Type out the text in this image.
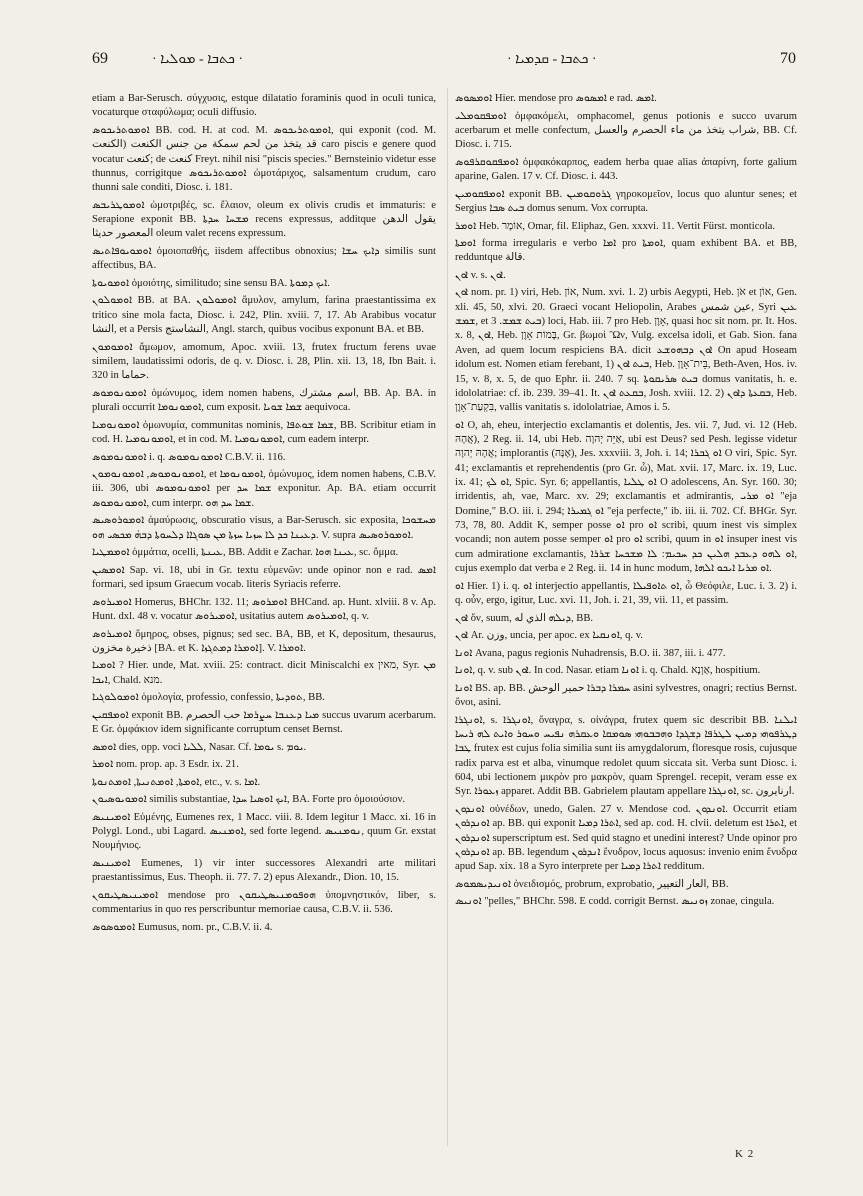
69	· ܟܬܒܐ - ܡܘܠܝܐ ·	· ܟܬܒܐ - ܩܕܡܝܐ ·	70

etiam a Bar-Serusch. σύγχυσις, estque dilatatio foraminis quod in oculi tunica, vocaturque σταφύλωμα; oculi diffusio.

ܐܘܡܘܬܪܝܟܘܣ BB. cod. H. at cod. M. ܐܘܡܘܬܪܝܟܘܣ, qui exponit (cod. M. الكنعت) قد يتخذ من لحم سمكة من جنس الكنعت caro piscis e genere quod vocatur كنعت; de كنعت Freyt. nihil nisi "piscis species." Bernsteinio videtur esse thunnus, corrigitque ܐܘܡܘܬܪܝܟܘܣ ὠμοτάριχος, salsamentum crudum, caro thunni sale conditi, Diosc. i. 181.

ܐܘܡܘܛܪܝܒܣ ὠμοτριβές, sc. ἔλαιον, oleum ex olivis crudis et immaturis: e Serapione exponit BB. ܡܫܚܐ ܚܕܬܐ recens expressus, additque يقول الدهن المعصور حديثا oleum valet recens expressum.

ܐܘܡܘܝܘܦܐܬܝܣ ὁμοιοπαθής, iisdem affectibus obnoxius; ܕܐܝܟ ܚܫܐ similis sunt affectibus, BA.

ܐܘܡܘܝܘܬܐ ὁμοιότης, similitudo; sine sensu BA. ܐܝܟ ܕܡܘܬܐ.

ܐܘܡܘܠܘܢ BB. at BA. ܐܘܡܘܠܘܢ ἄμυλον, amylum, farina praestantissima ex tritico sine mola facta, Diosc. i. 242, Plin. xviii. 7, 17. Ab Arabibus vocatur النشا, et a Persis النشاستج, Angl. starch, quibus vocibus exponunt BA. et BB.

ܐܘܡܘܡܘܢ ἄμωμον, amomum, Apoc. xviii. 13, frutex fructum ferens uvae similem, laudatissimi odoris, de q. v. Diosc. i. 28, Plin. xii. 13, 18, Ibn Bait. i. 320 in حماما.

ܐܘܡܘܢܘܡܘܣ ὁμώνυμος, idem nomen habens, اسم مشترك, BB. Ap. BA. in plurali occurrit ܐܘܡܘܢܘܡܐ, cum exposit. ܫܡܐ ܫܘܝܐ aequivoca.

ܐܘܡܘܢܘܡܝܐ ὁμωνυμία, communitas nominis, ܫܡܐ ܫܘܬܦܐ, BB. Scribitur etiam in cod. H. ܐܘܡܘܢܘܡܝܐ, et in cod. M. ܐܘܡܘܢܘܡܝܐ, cum eadem interpr.

ܐܘܡܘܢܘܡܘܣ i. q. ܐܘܡܘܢܘܡܘܣ C.B.V. ii. 116.

ܐܘܡܘܢܘܡܘܣ, ܐܘܡܘܢܘܡܘܢ, et ܐܘܡܘܢܘܡܐ, ὁμώνυμος, idem nomen habens, C.B.V. iii. 306, ubi ܐܘܡܘܢܘܡܘܣ per ܫܡܐ ܚܕ exponitur. Ap. BA. etiam occurrit ܐܘܡܘܢܘܡܘܣ, cum interpr. ܫܡܐ ܚܕ ܗܘ.

ܐܘܡܘܪܘܣܝܣ ἀμαύρωσις, obscuratio visus, a Bar-Serusch. sic exposita, ܡܚܫܘܟܐ ܕܥܝܢܐ ܟܕ ܠܐ ܚܙܝܐ ܚܙܬܐ ܡܢ ܣܘܓܐܐ ܕܠܚܘܬܐ ܕܒܗ̇ ܡܟܣܝ ܗܘ. V. supra ܐܘܡܘܪܘܣܝܣ.

ܐܘܡܡܛܝܐ ὀμμάτια, ocelli, ܥܝܢܬܐ, BB. Addit e Zachar. ܥܝܢܐ ܗܘܐ, sc. ὄμμα.

ܐܘܡܣܝܢ Sap. vi. 18, ubi in Gr. textu εὐμενῶν: unde opinor non e rad. ܐܡܣ formari, sed ipsum Graecum vocab. literis Syriacis referre.

ܐܘܡܝܪܘܣ Homerus, BHChr. 132. 11; ܐܘܡܪܘܣ BHCand. ap. Hunt. xlviii. 8 v. Ap. Hunt. dxl. 48 v. vocatur ܐܘܡܝܪܘܣ, usitatius autem ܐܘܡܝܪܘܣ, q. v.

ܐܘܡܝܪܘܣ ὅμηρος, obses, pignus; sed sec. BA, BB, et K, depositum, thesaurus, ذخيرة مخزون [BA. et K. ܐܘܡܪܐ ܕܡܬܓܙܐ]. V. ܐܘܡܪܐ.

ܐܘܡܝܐ ? Hier. unde, Mat. xviii. 25: contract. dicit Miniscalchi ex מאין, Syr. ܡܢ ܐܝܟܐ, Chald. מנא.

ܐܘܡܘܠܘܓܝܐ ὁμολογία, professio, confessio, ܬܘܕܝܬܐ, BB.

ܐܘܡܦܩܝܢ exponit BB. ܡܝܐ ܕܥܢܒܐ ܚܨܪܡܐ حب الحصرم succus uvarum acerbarum. E Gr. ὀμφάκιον idem significante corruptum censet Bernst.

ܐܘܡܣ dies, opp. voci ܠܠܝܐ, Nasar. Cf. ܝܘܡܐ s. ܝܘܡ.

ܐܘܡܪ nom. prop. ap. 3 Esdr. ix. 21.

ܐܘܡܬܐ, ܐܘܡܬܢܝܬܐ, ܐܘܡܬܢܘܬܐ, etc., v. s. ܐܡܐ.

ܐܘܡܘܝܘܣܝܘܢ similis substantiae, ܐܝܟ ܐܘܣܝܐ ܚܕܐ, BA. Forte pro ὁμοιούσιον.

ܐܘܡܝܢܝܣ Εὐμένης, Eumenes rex, 1 Macc. viii. 8. Idem legitur 1 Macc. xi. 16 in Polygl. Lond., ubi Lagard. ܐܘܡܢܝܣ, sed forte legend. ܢܘܡܢܝܣ, quum Gr. exstat Νουμήνιος.

ܐܘܡܝܢܝܣ Eumenes, 1) vir inter successores Alexandri arte militari praestantissimus, Eus. Theoph. ii. 77. 7. 2) epus Alexandr., Dion. 10, 15.

ܐܘܡܝܢܝܣܛܝܩܘܢ mendose pro ܗܘܦܘܡܢܝܣܛܝܩܘܢ ὑπομνηστικόν, liber, s. commentarius in quo res perscribuntur memoriae causa, C.B.V. ii. 536.

ܐܘܡܘܣܘܣ Eumusus, nom. pr., C.B.V. ii. 4.

ܐܘܡܣܘܣ Hier. mendose pro ܐܡܣܘܣ e rad. ܐܡܣ.

ܐܘܡܦܩܘܡܠܝ ὀμφακόμελι, omphacomel, genus potionis e succo uvarum acerbarum et melle confectum, شراب يتخذ من ماء الحصرم والعسل, BB. Cf. Diosc. i. 715.

ܐܘܡܦܩܘܩܪܦܘܣ ὀμφακόκαρπος, eadem herba quae alias ἀπαρίνη, forte galium aparine, Galen. 17 v. Cf. Diosc. i. 443.

ܐܘܡܦܩܘܡܝܢ exponit BB. ܓܪܘܩܘܡܝܢ γηροκομεῖον, locus quo aluntur senes; et Sergius ܒܝܬ ܣܒܐ domus senum. Vox corrupta.

ܐܘܡܪ Heb. אוֹמָר, Omar, fil. Eliphaz, Gen. xxxvi. 11. Vertit Fürst. monticola.

ܐܘܡܬܐ forma irregularis e verbo ܐܡܐ pro ܐܘܡܬܐ, quam exhibent BA. et BB, redduntque قالة.

ܐܘܢ v. s. ܐܘܢ.

ܐܘܢ nom. pr. 1) viri, Heb. אוֹן, Num. xvi. 1. 2) urbis Aegypti, Heb. אֹן et אוֹן, Gen. xli. 45, 50, xlvi. 20. Graeci vocant Heliopolin, Arabes عين شمس, Syri ܥܝܢ ܫܡܫ, et ܒܝܬ ܫܡܫ. 3) loci, Hab. iii. 7 pro Heb. אָוֶן, quasi hoc sit nom. pr. It. Hos. x. 8, ܐܘܢ, Heb. בָּמוֹת אָוֶן, Gr. βωμοὶ Ὢν, Vulg. excelsa idoli, et Gab. Sion. fana Aven, ad quem locum respiciens BA. dicit ܐܘܢ ܕܒܗܘܫܥ On apud Hoseam idolum est. Nomen etiam ferebant, 1) ܒܝܬ ܐܘܢ, Heb. בֵּית־אָוֶן, Beth-Aven, Hos. iv. 15, v. 8, x. 5, de quo Ephr. ii. 240. 7 sq. ܒܝܬ ܣܪܝܩܘܬܐ domus vanitatis, h. e. idololatriae: cf. ib. 239. 39–41. It. ܒܩܥܬ ܐܘܢ, Josh. xviii. 12. 2) ܒܩܥܬܐ ܕܐܘܢ, Heb. בִּקְעַת־אָוֶן, vallis vanitatis s. idololatriae, Amos i. 5.

ܐܘ O, ah, eheu, interjectio exclamantis et dolentis, Jes. vii. 7, Jud. vi. 12 (Heb. אֲהָהּ), 2 Reg. ii. 14, ubi Heb. אַיֵּה יְהוָה, ubi est Deus? sed Pesh. legisse videtur אֲהָהּ יְהוָה; implorantis (אָנָּה), Jes. xxxviii. 3, Joh. i. 14; ܐܘ ܓܒܪܐ O viri, Spic. Syr. 41; exclamantis et reprehendentis (pro Gr. ὦ), Mat. xvii. 17, Marc. ix. 19, Luc. ix. 41; ܐܘ ܠܟ, Spic. Syr. 6; appellantis, ܐܘ ܛܠܝܐ O adolescens, An. Syr. 160. 30; irridentis, ah, vae, Marc. xv. 29; exclamantis et admirantis, ܐܘ ܡܪܝ "eja Domine," B.O. iii. i. 294; ܐܘ ܓܡܝܪܐ "eja perfecte," ib. iii. ii. 702. Cf. BHGr. Syr. 73, 78, 80. Addit K, semper posse ܐܘ pro ܐܘ scribi, quum inest vis simplex vocandi; non autem posse semper ܐܘ pro ܐܘ scribi, quum in ܐܘ insuper inest vis cum admiratione exclamantis, ܐܘ ܠܗܘ ܕܥܒܕ ܗܠܝܢ ܟܕ ܚܟܝܡ: ܠܐ ܡܫܟܚܐ ܫܪܪܐ, cujus exemplo dat verba e 2 Reg. ii. 14 in hunc modum, ܐܘ ܡܪܝܐ ܐܝܟܘ ܐܠܗܐ.

ܐܘ Hier. 1) i. q. ܐܘ interjectio appellantis, ܐܘ ܬܐܘܦܝܠܐ, ὦ Θεόφιλε, Luc. i. 3. 2) i. q. οὖν, ergo, igitur, Luc. xvi. 11, Joh. i. 21, 39, vii. 11, et passim.

ܐܘܢ ὅν, suum, ܕܝܠܗ الذي له, BB.

ܐܘܢ Ar. وزن, uncia, per apoc. ex ܐܘܢܩܝܐ, q. v.

ܐܘܢܐ Avana, pagus regionis Nuhadrensis, B.O. ii. 387, iii. i. 477.

ܐܘܢܐ, q. v. sub ܐܘܢ. In cod. Nasar. etiam ܐܘܢܐ i. q. Chald. אַוְנָא, hospitium.

ܐܘܢܐ BS. ap. BB. ܚܡܪܐ ܕܒܪܐ حمير الوحش asini sylvestres, onagri; rectius Bernst. ὄνοι, asini.

ܐܘܢܓܪܐ, s. ܐܘܢܓܪܐ, ὄναγρα, s. οἰνάγρα, frutex quem sic describit BB. ܐܝܠܢܐ ܕܛܪܦܘܗܝ ܕܡܝܢ ܠܛܪܦܐ ܕܫܓܕܐ ܘܗܒܒܘܗܝ ܣܘܡܩܐ ܘܥܩܪܗ ܢܦܝܚ ܘܚܘܪ ܘܐܝܬ ܠܗ ܪܝܚܐ ܛܒܐ frutex est cujus folia similia sunt iis amygdalorum, floresque rosis, cujusque radix parva est et alba, vinumque redolet quum siccata sit. Verba sunt Diosc. i. 604, ubi lectionem μικρὸν pro μακρὸν, quam Sprengel. recepit, veram esse ex Syr. ܙܥܘܪܐ apparet. Addit BB. Gabrielem plautam appellare ܐܘܢܓܪܐ, sc. ارنايرون.

ܐܘܢܕܘܢ οὐνέδων, unedo, Galen. 27 v. Mendose cod. ܐܘܢܕܘܢ. Occurrit etiam ܐܘܢܕܪܘܢ ap. BB. qui exponit ܐܬܪܐ ܕܡܝܐ, sed ap. cod. H. clvii. deletum est ܐܬܪܐ, et ܐܘܢܕܪܘܢ superscriptum est. Sed quid stagno et unedini interest? Unde opinor pro ܐܘܢܕܪܘܢ ap. BB. legendum ܐܢܕܪܘܢ ἔνυδρον, locus aquosus: invenio enim ἔνυδρα apud Sap. xix. 18 a Syro interprete per ܐܬܪܐ ܕܡܝܐ redditum.

ܐܘܢܝܕܝܣܡܘܣ ὀνειδισμός, probrum, exprobatio, العار التعيير, BB.

ܐܘܢܝܣ "pelles," BHChr. 598. E codd. corrigit Bernst. ܙܘܢܝܣ zonae, cingula.

K 2
